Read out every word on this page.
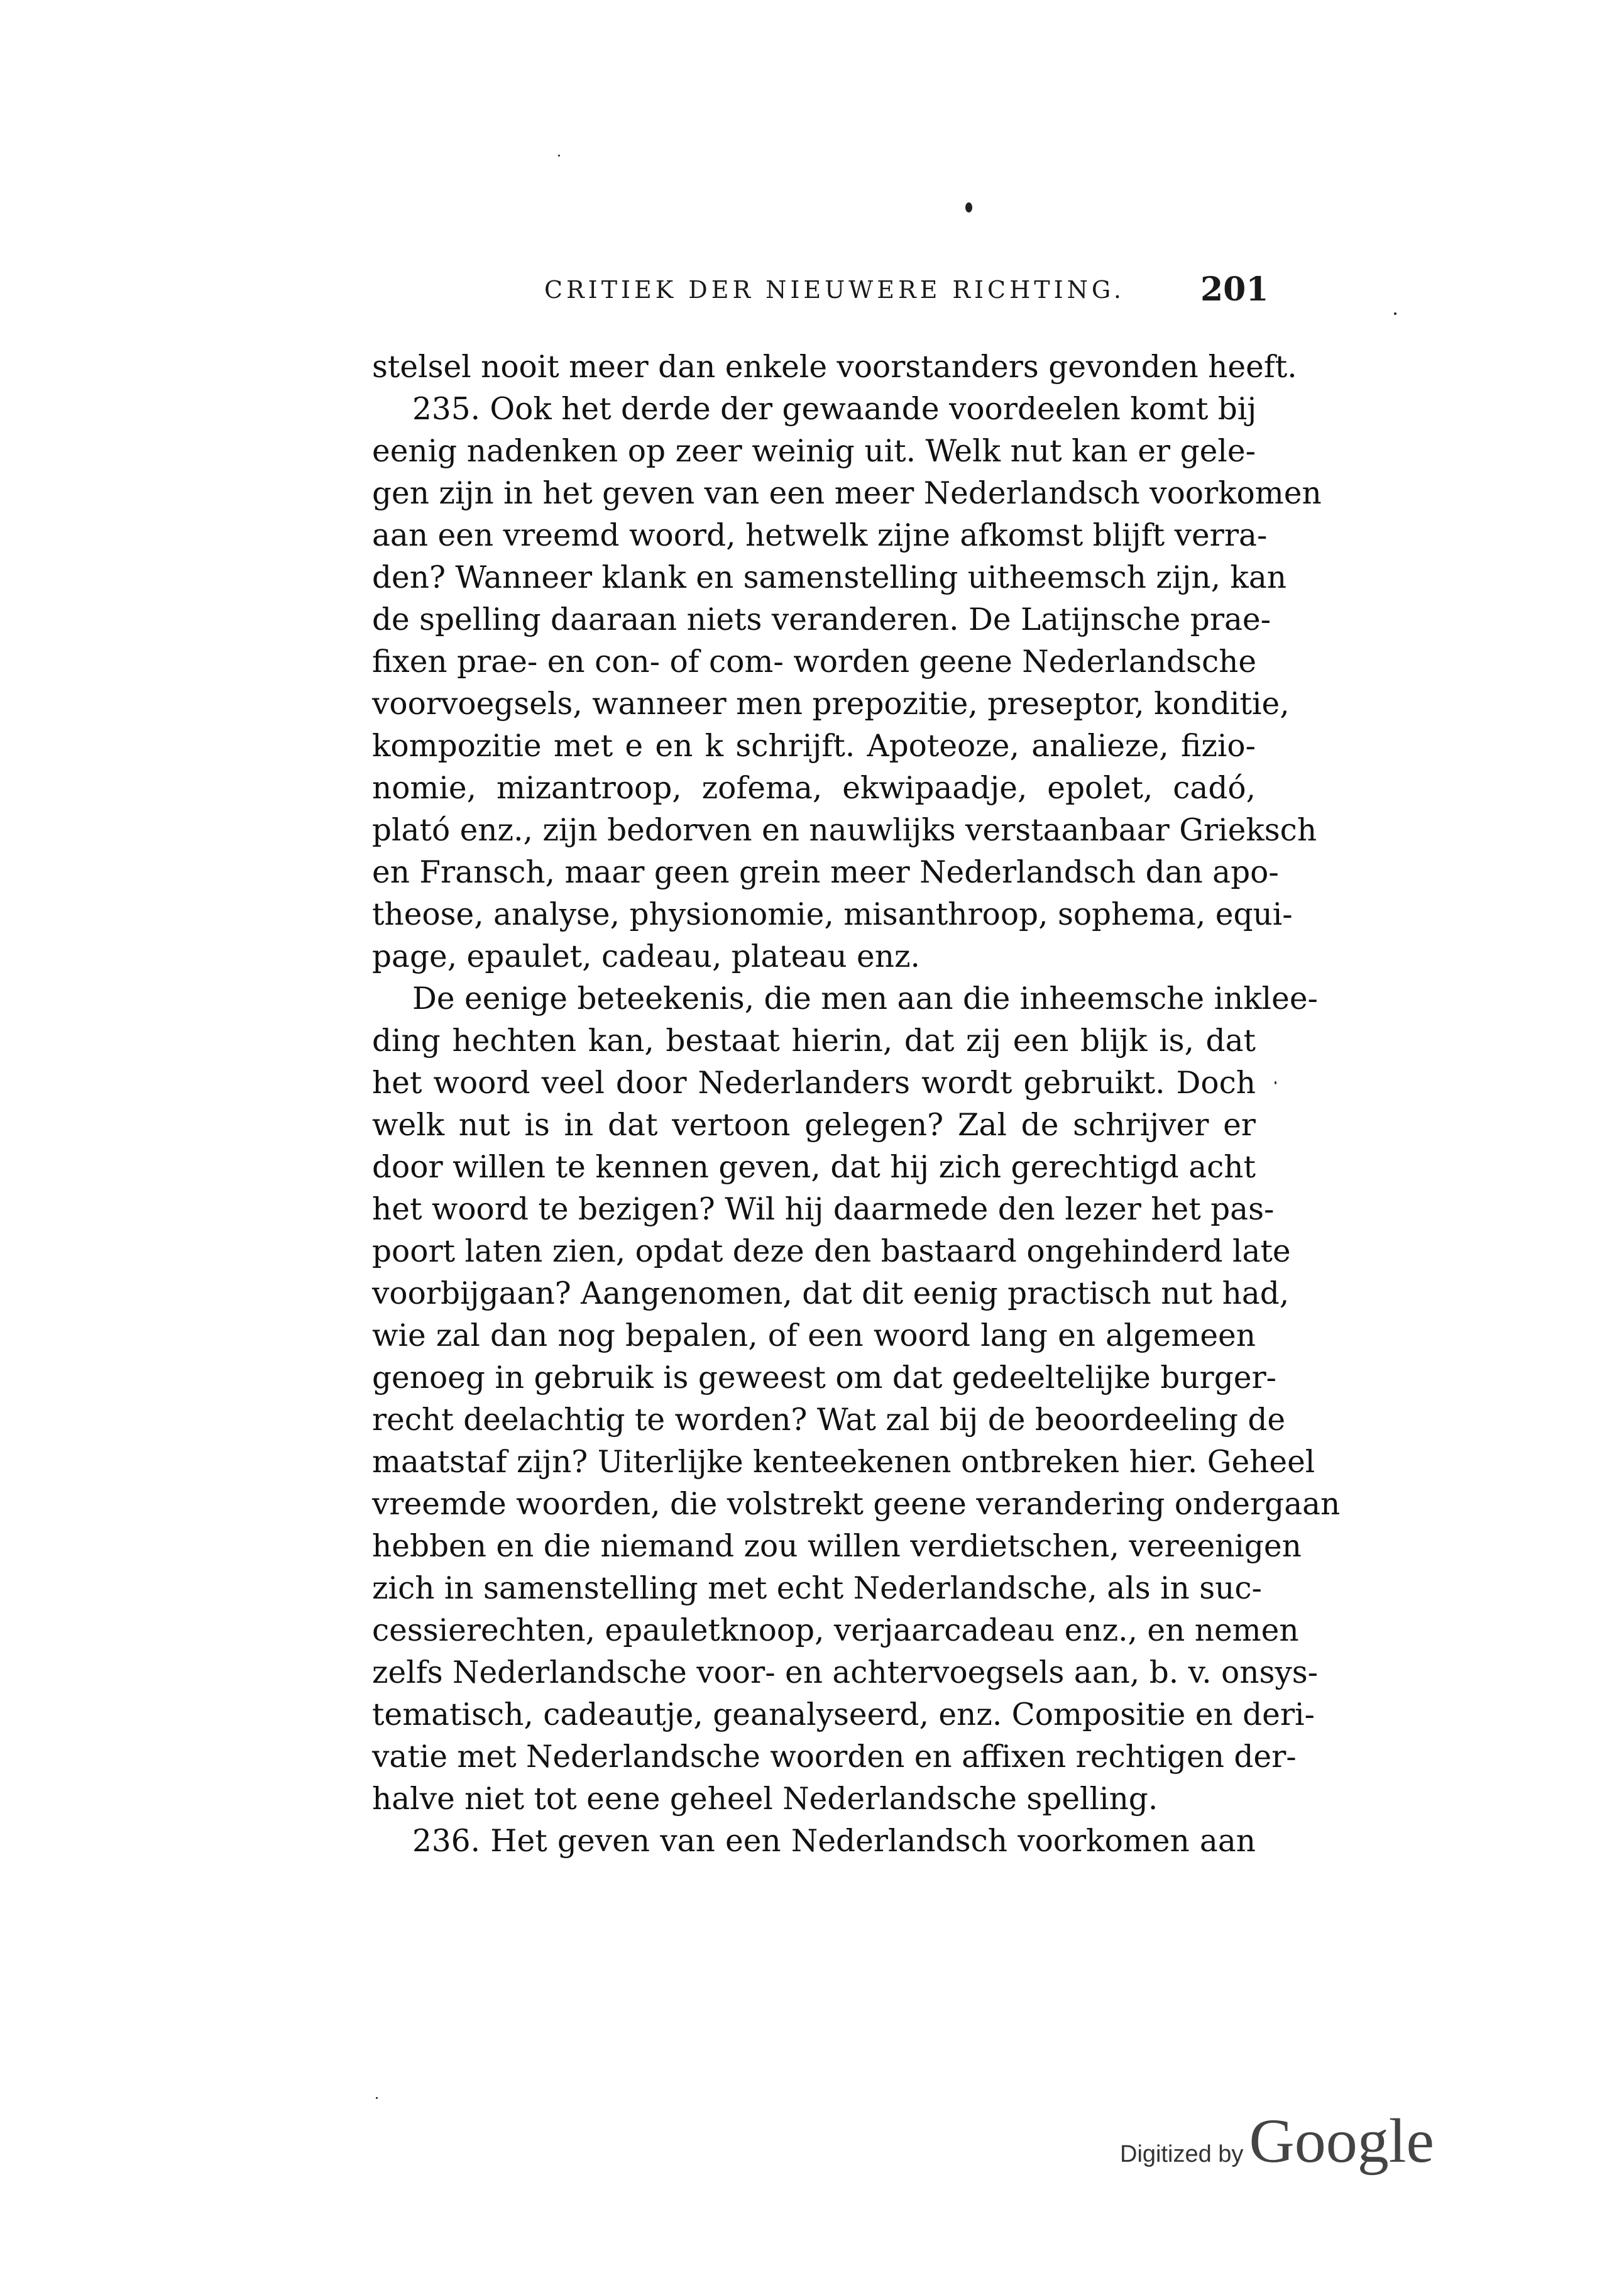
CRITIEK DER NIEUWERE RICHTING. 201
stelsel nooit meer dan enkele voorstanders gevonden heeft.
235. Ook het derde der gewaande voordeelen komt bij
eenig nadenken op zeer weinig uit. Welk nut kan er gele-
gen zijn in het geven van een meer Nederlandsch voorkomen
aan een vreemd woord, hetwelk zijne afkomst blijft verra-
den? Wanneer klank en samenstelling uitheemsch zijn, kan
de spelling daaraan niets veranderen. De Latijnsche prae-
fixen prae- en con- of com- worden geene Nederlandsche
voorvoegsels, wanneer men prepozitie, preseptor, konditie,
kompozitie met e en k schrijft. Apoteoze, analieze, fizio-
nomie, mizantroop, zofema, ekwipaadje, epolet, cadó,
plató enz., zijn bedorven en nauwlijks verstaanbaar Grieksch
en Fransch, maar geen grein meer Nederlandsch dan apo-
theose, analyse, physionomie, misanthroop, sophema, equi-
page, epaulet, cadeau, plateau enz.
De eenige beteekenis, die men aan die inheemsche inklee-
ding hechten kan, bestaat hierin, dat zij een blijk is, dat
het woord veel door Nederlanders wordt gebruikt. Doch
welk nut is in dat vertoon gelegen? Zal de schrijver er
door willen te kennen geven, dat hij zich gerechtigd acht
het woord te bezigen? Wil hij daarmede den lezer het pas-
poort laten zien, opdat deze den bastaard ongehinderd late
voorbijgaan? Aangenomen, dat dit eenig practisch nut had,
wie zal dan nog bepalen, of een woord lang en algemeen
genoeg in gebruik is geweest om dat gedeeltelijke burger-
recht deelachtig te worden? Wat zal bij de beoordeeling de
maatstaf zijn? Uiterlijke kenteekenen ontbreken hier. Geheel
vreemde woorden, die volstrekt geene verandering ondergaan
hebben en die niemand zou willen verdietschen, vereenigen
zich in samenstelling met echt Nederlandsche, als in suc-
cessierechten, epauletknoop, verjaarcadeau enz., en nemen
zelfs Nederlandsche voor- en achtervoegsels aan, b. v. onsys-
tematisch, cadeautje, geanalyseerd, enz. Compositie en deri-
vatie met Nederlandsche woorden en affixen rechtigen der-
halve niet tot eene geheel Nederlandsche spelling.
236. Het geven van een Nederlandsch voorkomen aan
Digitized by Google
